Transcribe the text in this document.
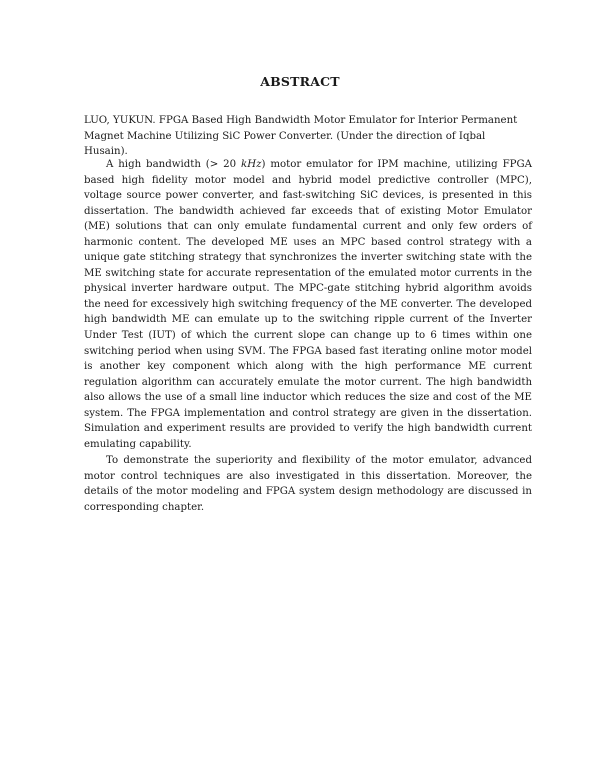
ABSTRACT

LUO, YUKUN. FPGA Based High Bandwidth Motor Emulator for Interior Permanent Magnet Machine Utilizing SiC Power Converter. (Under the direction of Iqbal Husain).

A high bandwidth (> 20 kHz) motor emulator for IPM machine, utilizing FPGA based high fidelity motor model and hybrid model predictive controller (MPC), voltage source power converter, and fast-switching SiC devices, is presented in this dissertation. The bandwidth achieved far exceeds that of existing Motor Emulator (ME) solutions that can only emulate fundamental current and only few orders of harmonic content. The developed ME uses an MPC based control strategy with a unique gate stitching strategy that synchronizes the inverter switching state with the ME switching state for accurate representation of the emulated motor currents in the physical inverter hardware output. The MPC-gate stitching hybrid algorithm avoids the need for excessively high switching frequency of the ME converter. The developed high bandwidth ME can emulate up to the switching ripple current of the Inverter Under Test (IUT) of which the current slope can change up to 6 times within one switching period when using SVM. The FPGA based fast iterating online motor model is another key component which along with the high performance ME current regulation algorithm can accurately emulate the motor current. The high bandwidth also allows the use of a small line inductor which reduces the size and cost of the ME system. The FPGA implementation and control strategy are given in the dissertation. Simulation and experiment results are provided to verify the high bandwidth current emulating capability.

To demonstrate the superiority and flexibility of the motor emulator, advanced motor control techniques are also investigated in this dissertation. Moreover, the details of the motor modeling and FPGA system design methodology are discussed in corresponding chapter.
